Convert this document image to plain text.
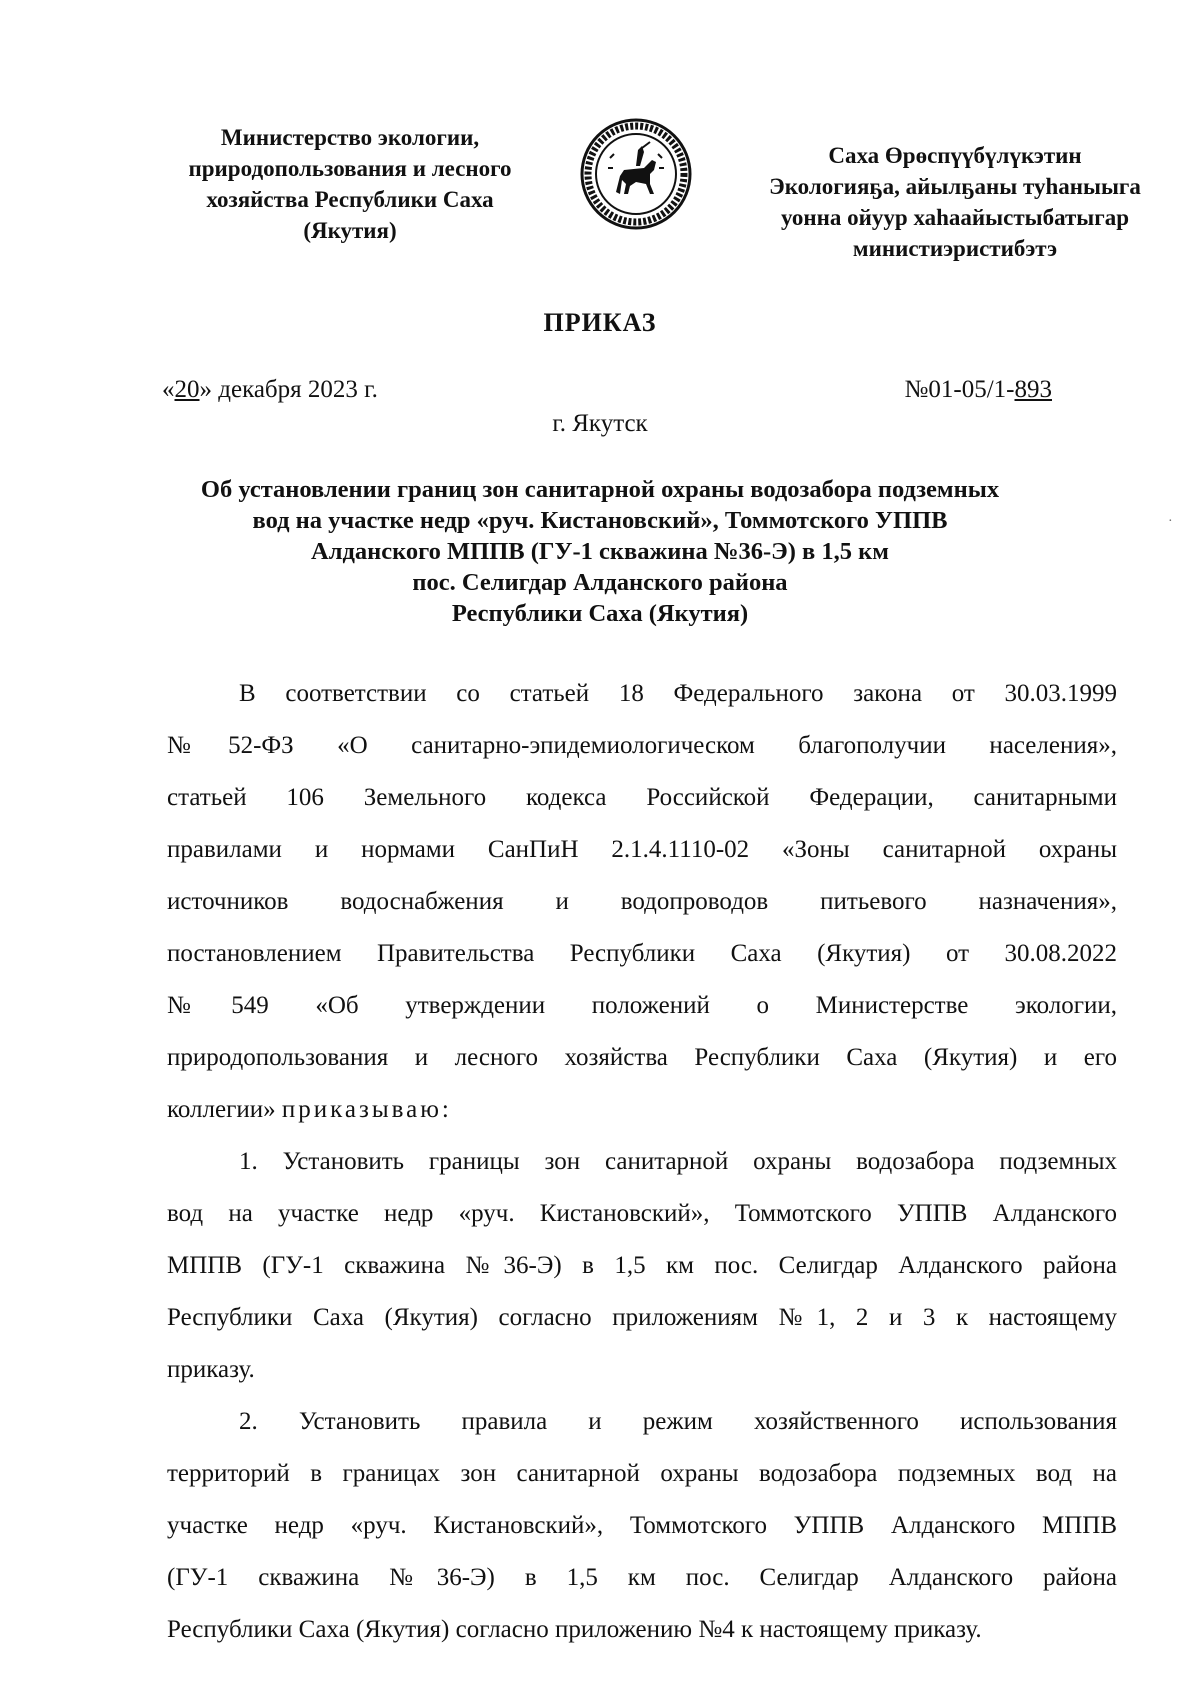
Министерство экологии,
природопользования и лесного
хозяйства Республики Саха
(Якутия)
Саха Өрөспүүбүлүкэтин
Экологияҕа, айылҕаны туһаныыга
уонна ойуур хаһаайыстыбатыгар
министиэристибэтэ
ПРИКАЗ
«20» декабря 2023 г.	№01-05/1-893
г. Якутск
Об установлении границ зон санитарной охраны водозабора подземных
вод на участке недр «руч. Кистановский», Томмотского УППВ
Алданского МППВ (ГУ-1 скважина №36-Э) в 1,5 км
пос. Селигдар Алданского района
Республики Саха (Якутия)
·
В соответствии со статьей 18 Федерального закона от 30.03.1999
№52-ФЗ «О санитарно-эпидемиологическом благополучии населения»,
статьей 106 Земельного кодекса Российской Федерации, санитарными
правилами и нормами СанПиН 2.1.4.1110-02 «Зоны санитарной охраны
источников водоснабжения и водопроводов питьевого назначения»,
постановлением Правительства Республики Саха (Якутия) от 30.08.2022
№549 «Об утверждении положений о Министерстве экологии,
природопользования и лесного хозяйства Республики Саха (Якутия) и его
коллегии» приказываю:
1. Установить границы зон санитарной охраны водозабора подземных
вод на участке недр «руч. Кистановский», Томмотского УППВ Алданского
МППВ (ГУ-1 скважина №36-Э) в 1,5 км пос. Селигдар Алданского района
Республики Саха (Якутия) согласно приложениям №1, 2 и 3 к настоящему
приказу.
2. Установить правила и режим хозяйственного использования
территорий в границах зон санитарной охраны водозабора подземных вод на
участке недр «руч. Кистановский», Томмотского УППВ Алданского МППВ
(ГУ-1 скважина №36-Э) в 1,5 км пос. Селигдар Алданского района
Республики Саха (Якутия) согласно приложению №4 к настоящему приказу.
